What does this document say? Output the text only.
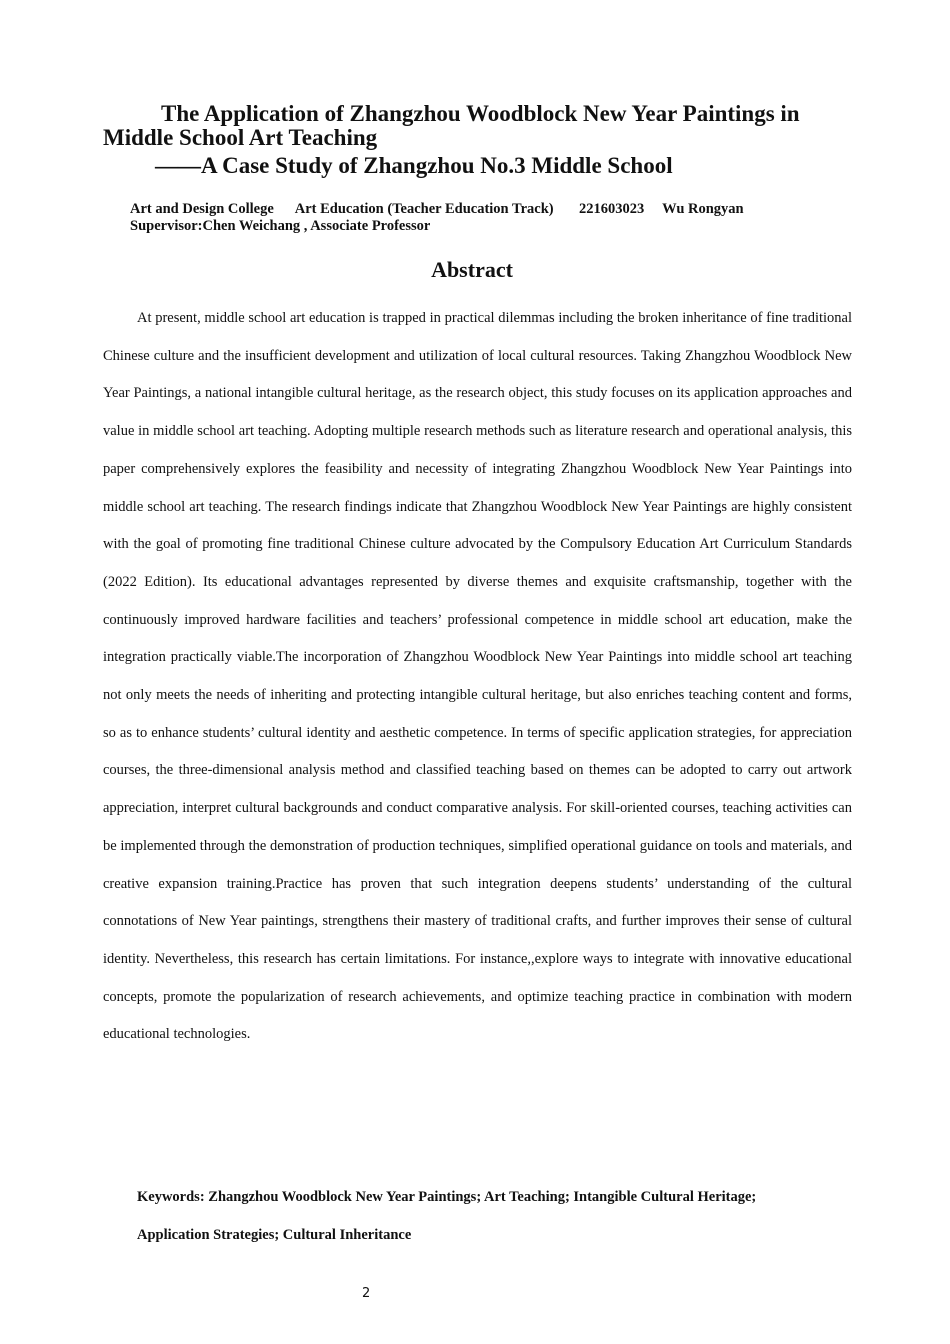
The Application of Zhangzhou Woodblock New Year Paintings in Middle School Art Teaching
——A Case Study of Zhangzhou No.3 Middle School

Art and Design College      Art Education (Teacher Education Track)       221603023     Wu Rongyan          Supervisor:Chen Weichang , Associate Professor

Abstract

At present, middle school art education is trapped in practical dilemmas including the broken inheritance of fine traditional Chinese culture and the insufficient development and utilization of local cultural resources. Taking Zhangzhou Woodblock New Year Paintings, a national intangible cultural heritage, as the research object, this study focuses on its application approaches and value in middle school art teaching. Adopting multiple research methods such as literature research and operational analysis, this paper comprehensively explores the feasibility and necessity of integrating Zhangzhou Woodblock New Year Paintings into middle school art teaching. The research findings indicate that Zhangzhou Woodblock New Year Paintings are highly consistent with the goal of promoting fine traditional Chinese culture advocated by the Compulsory Education Art Curriculum Standards (2022 Edition). Its educational advantages represented by diverse themes and exquisite craftsmanship, together with the continuously improved hardware facilities and teachers’ professional competence in middle school art education, make the integration practically viable.The incorporation of Zhangzhou Woodblock New Year Paintings into middle school art teaching not only meets the needs of inheriting and protecting intangible cultural heritage, but also enriches teaching content and forms, so as to enhance students’ cultural identity and aesthetic competence. In terms of specific application strategies, for appreciation courses, the three-dimensional analysis method and classified teaching based on themes can be adopted to carry out artwork appreciation, interpret cultural backgrounds and conduct comparative analysis. For skill-oriented courses, teaching activities can be implemented through the demonstration of production techniques, simplified operational guidance on tools and materials, and creative expansion training.Practice has proven that such integration deepens students’ understanding of the cultural connotations of New Year paintings, strengthens their mastery of traditional crafts, and further improves their sense of cultural identity. Nevertheless, this research has certain limitations. For instance,,explore ways to integrate with innovative educational concepts, promote the popularization of research achievements, and optimize teaching practice in combination with modern educational technologies.

Keywords: Zhangzhou Woodblock New Year Paintings; Art Teaching; Intangible Cultural Heritage; Application Strategies; Cultural Inheritance

2
